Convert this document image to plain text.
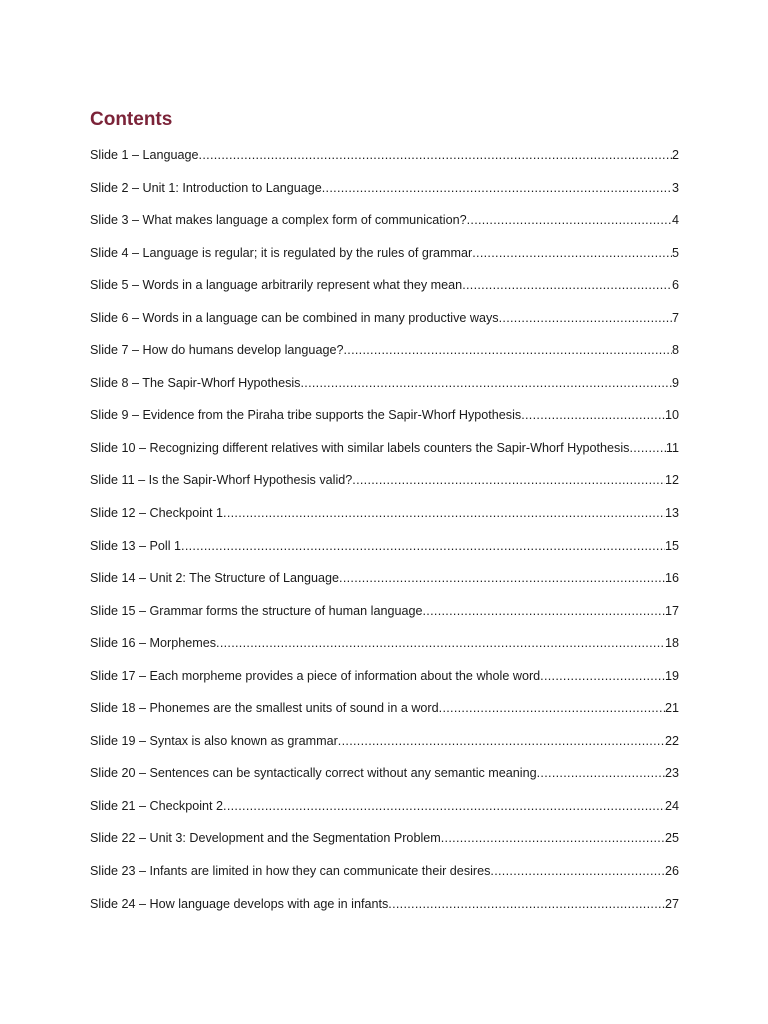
Contents
Slide 1 – Language .....	2
Slide 2 – Unit 1: Introduction to Language .....	3
Slide 3 – What makes language a complex form of communication? .....	4
Slide 4 – Language is regular; it is regulated by the rules of grammar .....	5
Slide 5 – Words in a language arbitrarily represent what they mean .....	6
Slide 6 – Words in a language can be combined in many productive ways .....	7
Slide 7 – How do humans develop language? .....	8
Slide 8 – The Sapir-Whorf Hypothesis .....	9
Slide 9 – Evidence from the Piraha tribe supports the Sapir-Whorf Hypothesis .....	10
Slide 10 – Recognizing different relatives with similar labels counters the Sapir-Whorf Hypothesis .....	11
Slide 11 – Is the Sapir-Whorf Hypothesis valid? .....	12
Slide 12 – Checkpoint 1 .....	13
Slide 13 – Poll 1 .....	15
Slide 14 – Unit 2: The Structure of Language .....	16
Slide 15 – Grammar forms the structure of human language .....	17
Slide 16 – Morphemes .....	18
Slide 17 – Each morpheme provides a piece of information about the whole word .....	19
Slide 18 – Phonemes are the smallest units of sound in a word .....	21
Slide 19 – Syntax is also known as grammar .....	22
Slide 20 – Sentences can be syntactically correct without any semantic meaning .....	23
Slide 21 – Checkpoint 2 .....	24
Slide 22 – Unit 3: Development and the Segmentation Problem .....	25
Slide 23 – Infants are limited in how they can communicate their desires .....	26
Slide 24 – How language develops with age in infants .....	27
